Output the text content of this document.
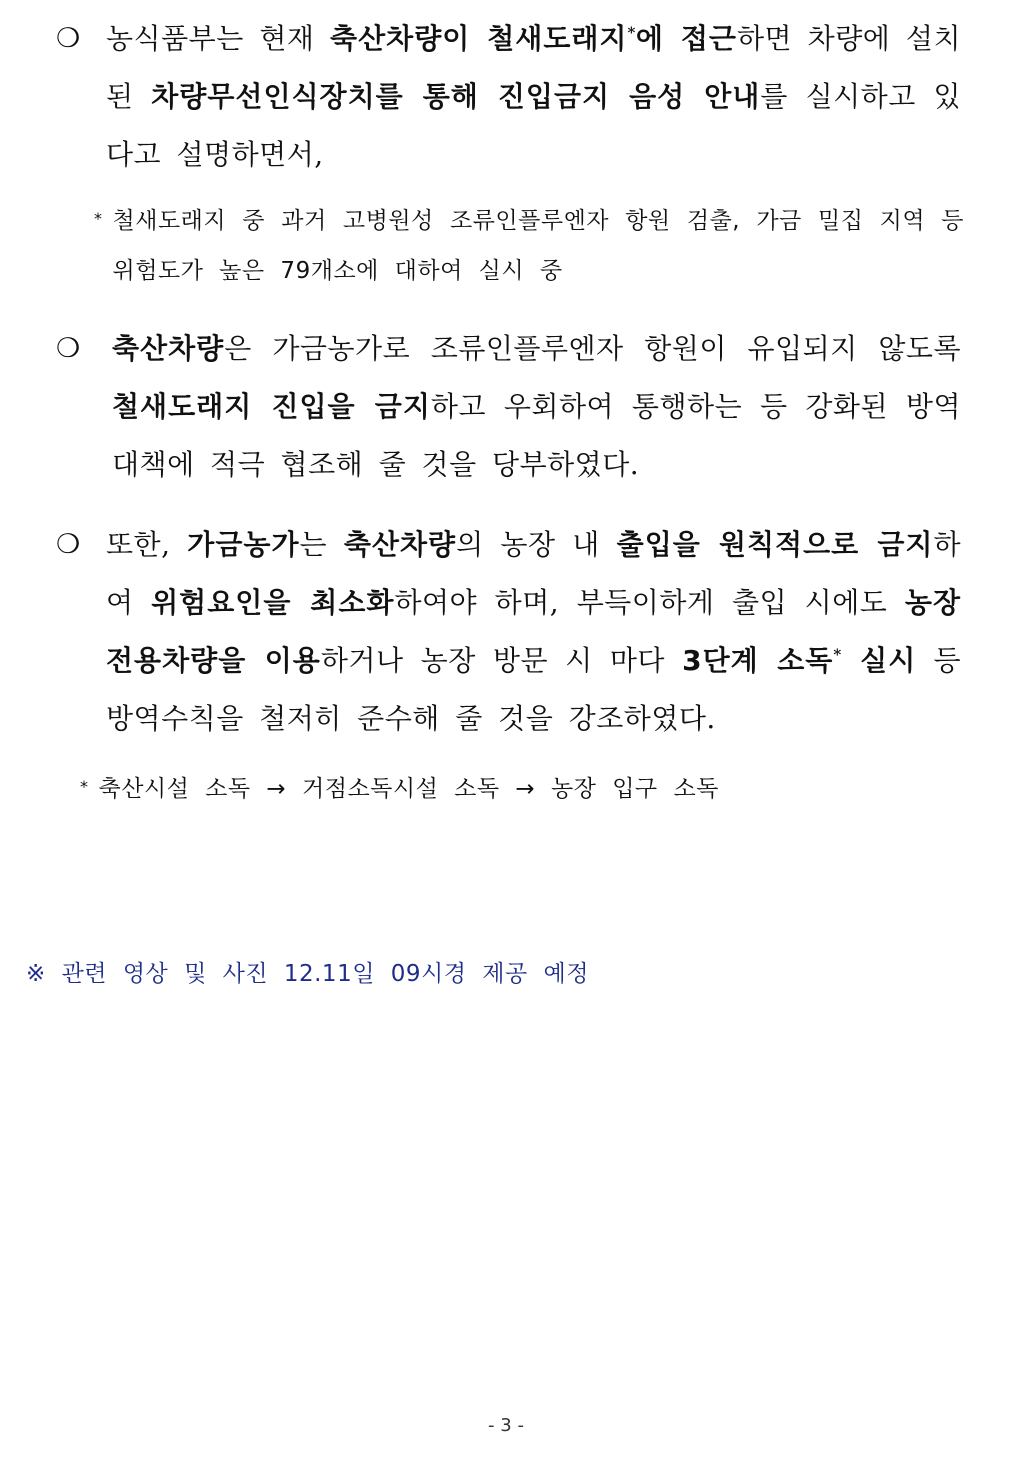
❍ 농식품부는 현재 축산차량이 철새도래지*에 접근하면 차량에 설치된 차량무선인식장치를 통해 진입금지 음성 안내를 실시하고 있다고 설명하면서,
* 철새도래지 중 과거 고병원성 조류인플루엔자 항원 검출, 가금 밀집 지역 등 위험도가 높은 79개소에 대하여 실시 중
❍ 축산차량은 가금농가로 조류인플루엔자 항원이 유입되지 않도록 철새도래지 진입을 금지하고 우회하여 통행하는 등 강화된 방역대책에 적극 협조해 줄 것을 당부하였다.
❍ 또한, 가금농가는 축산차량의 농장 내 출입을 원칙적으로 금지하여 위험요인을 최소화하여야 하며, 부득이하게 출입 시에도 농장 전용차량을 이용하거나 농장 방문 시 마다 3단계 소독* 실시 등 방역수칙을 철저히 준수해 줄 것을 강조하였다.
* 축산시설 소독 → 거점소독시설 소독 → 농장 입구 소독
※ 관련 영상 및 사진 12.11일 09시경 제공 예정
- 3 -
